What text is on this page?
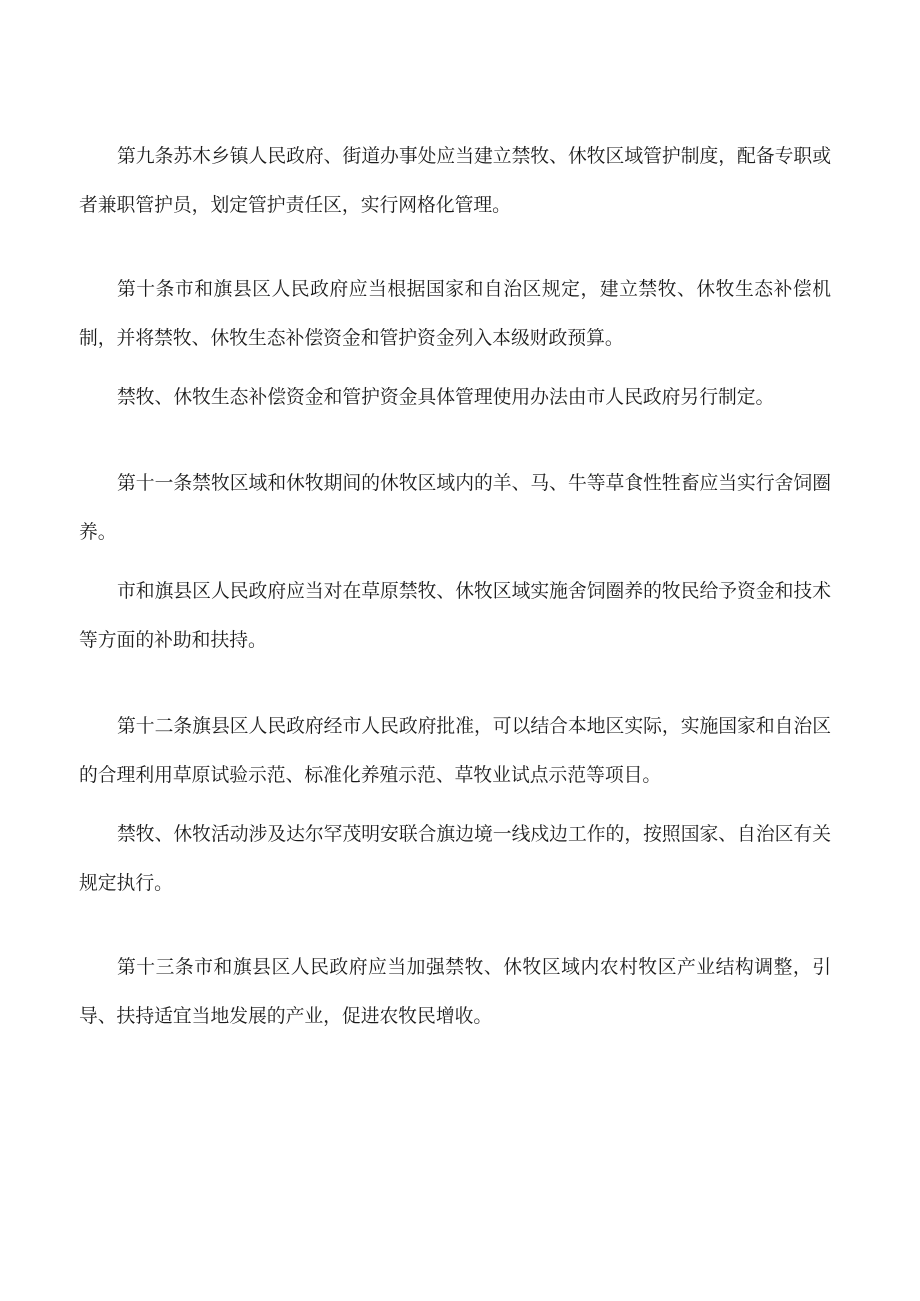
第九条苏木乡镇人民政府、街道办事处应当建立禁牧、休牧区域管护制度，配备专职或者兼职管护员，划定管护责任区，实行网格化管理。

第十条市和旗县区人民政府应当根据国家和自治区规定，建立禁牧、休牧生态补偿机制，并将禁牧、休牧生态补偿资金和管护资金列入本级财政预算。

禁牧、休牧生态补偿资金和管护资金具体管理使用办法由市人民政府另行制定。

第十一条禁牧区域和休牧期间的休牧区域内的羊、马、牛等草食性牲畜应当实行舍饲圈养。

市和旗县区人民政府应当对在草原禁牧、休牧区域实施舍饲圈养的牧民给予资金和技术等方面的补助和扶持。

第十二条旗县区人民政府经市人民政府批准，可以结合本地区实际，实施国家和自治区的合理利用草原试验示范、标准化养殖示范、草牧业试点示范等项目。

禁牧、休牧活动涉及达尔罕茂明安联合旗边境一线戍边工作的，按照国家、自治区有关规定执行。

第十三条市和旗县区人民政府应当加强禁牧、休牧区域内农村牧区产业结构调整，引导、扶持适宜当地发展的产业，促进农牧民增收。
